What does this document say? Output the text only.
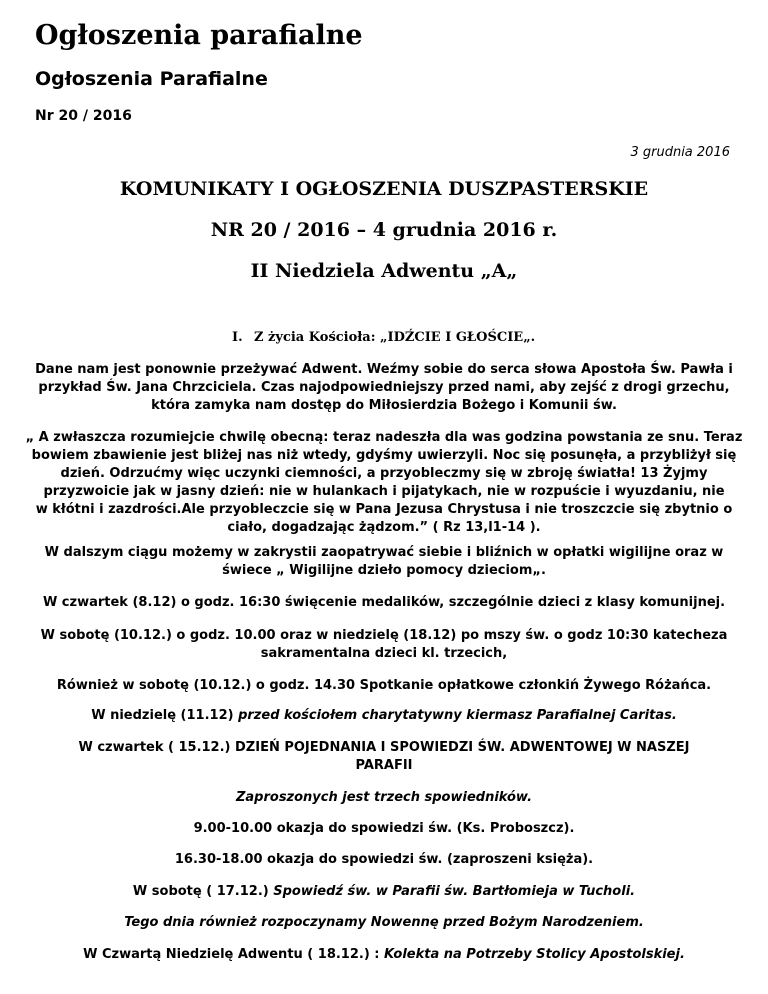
Ogłoszenia parafialne
Ogłoszenia Parafialne
Nr 20 / 2016
3 grudnia 2016
KOMUNIKATY I OGŁOSZENIA DUSZPASTERSKIE
NR 20 / 2016 – 4 grudnia 2016 r.
II Niedziela Adwentu „A„
I. Z życia Kościoła: „IDŹCIE I GŁOŚCIE„.
Dane nam jest ponownie przeżywać Adwent. Weźmy sobie do serca słowa Apostoła Św. Pawła i
przykład Św. Jana Chrzciciela. Czas najodpowiedniejszy przed nami, aby zejść z drogi grzechu,
która zamyka nam dostęp do Miłosierdzia Bożego i Komunii św.
„ A zwłaszcza rozumiejcie chwilę obecną: teraz nadeszła dla was godzina powstania ze snu. Teraz
bowiem zbawienie jest bliżej nas niż wtedy, gdyśmy uwierzyli. Noc się posunęła, a przybliżył się
dzień. Odrzućmy więc uczynki ciemności, a przyobleczmy się w zbroję światła! 13 Żyjmy
przyzwoicie jak w jasny dzień: nie w hulankach i pijatykach, nie w rozpuście i wyuzdaniu, nie
w kłótni i zazdrości.Ale przyobleczcie się w Pana Jezusa Chrystusa i nie troszczcie się zbytnio o
ciało, dogadzając żądzom.” ( Rz 13,l1-14 ).
W dalszym ciągu możemy w zakrystii zaopatrywać siebie i bliźnich w opłatki wigilijne oraz w
świece „ Wigilijne dzieło pomocy dzieciom„.
W czwartek (8.12) o godz. 16:30 święcenie medalików, szczególnie dzieci z klasy komunijnej.
W sobotę (10.12.) o godz. 10.00 oraz w niedzielę (18.12) po mszy św. o godz 10:30 katecheza
sakramentalna dzieci kl. trzecich,
Również w sobotę (10.12.) o godz. 14.30 Spotkanie opłatkowe członkiń Żywego Różańca.
W niedzielę (11.12) przed kościołem charytatywny kiermasz Parafialnej Caritas.
W czwartek ( 15.12.) DZIEŃ POJEDNANIA I SPOWIEDZI ŚW. ADWENTOWEJ W NASZEJ
PARAFII
Zaproszonych jest trzech spowiedników.
9.00-10.00 okazja do spowiedzi św. (Ks. Proboszcz).
16.30-18.00 okazja do spowiedzi św. (zaproszeni księża).
W sobotę ( 17.12.) Spowiedź św. w Parafii św. Bartłomieja w Tucholi.
Tego dnia również rozpoczynamy Nowennę przed Bożym Narodzeniem.
W Czwartą Niedzielę Adwentu ( 18.12.) : Kolekta na Potrzeby Stolicy Apostolskiej.
